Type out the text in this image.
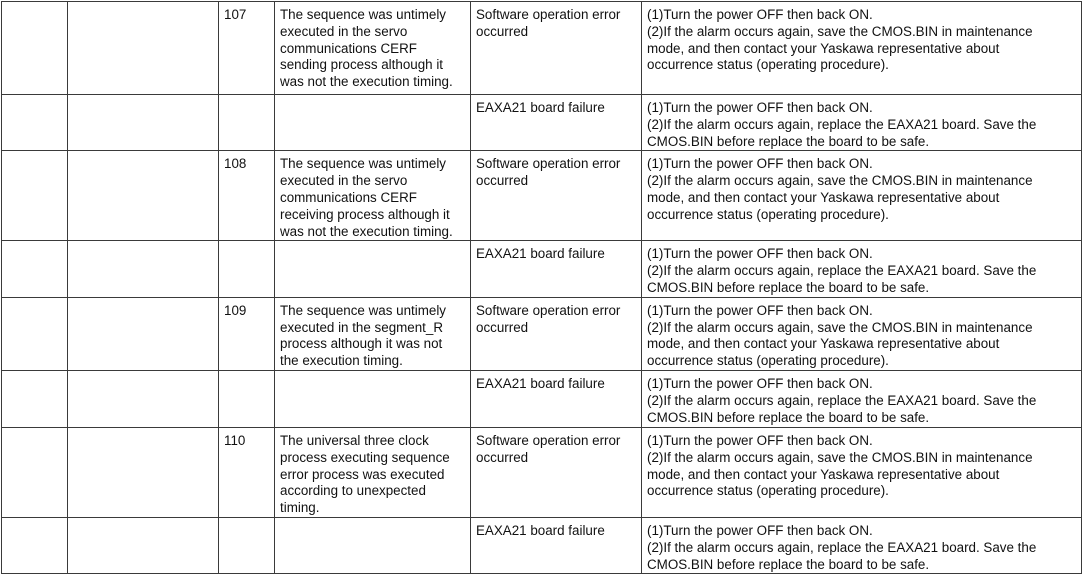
		107	The sequence was untimely
executed in the servo
communications CERF
sending process although it
was not the execution timing.	Software operation error
occurred	(1)Turn the power OFF then back ON.
(2)If the alarm occurs again, save the CMOS.BIN in maintenance
mode, and then contact your Yaskawa representative about
occurrence status (operating procedure).
				EAXA21 board failure	(1)Turn the power OFF then back ON.
(2)If the alarm occurs again, replace the EAXA21 board. Save the
CMOS.BIN before replace the board to be safe.
		108	The sequence was untimely
executed in the servo
communications CERF
receiving process although it
was not the execution timing.	Software operation error
occurred	(1)Turn the power OFF then back ON.
(2)If the alarm occurs again, save the CMOS.BIN in maintenance
mode, and then contact your Yaskawa representative about
occurrence status (operating procedure).
				EAXA21 board failure	(1)Turn the power OFF then back ON.
(2)If the alarm occurs again, replace the EAXA21 board. Save the
CMOS.BIN before replace the board to be safe.
		109	The sequence was untimely
executed in the segment_R
process although it was not
the execution timing.	Software operation error
occurred	(1)Turn the power OFF then back ON.
(2)If the alarm occurs again, save the CMOS.BIN in maintenance
mode, and then contact your Yaskawa representative about
occurrence status (operating procedure).
				EAXA21 board failure	(1)Turn the power OFF then back ON.
(2)If the alarm occurs again, replace the EAXA21 board. Save the
CMOS.BIN before replace the board to be safe.
		110	The universal three clock
process executing sequence
error process was executed
according to unexpected
timing.	Software operation error
occurred	(1)Turn the power OFF then back ON.
(2)If the alarm occurs again, save the CMOS.BIN in maintenance
mode, and then contact your Yaskawa representative about
occurrence status (operating procedure).
				EAXA21 board failure	(1)Turn the power OFF then back ON.
(2)If the alarm occurs again, replace the EAXA21 board. Save the
CMOS.BIN before replace the board to be safe.
